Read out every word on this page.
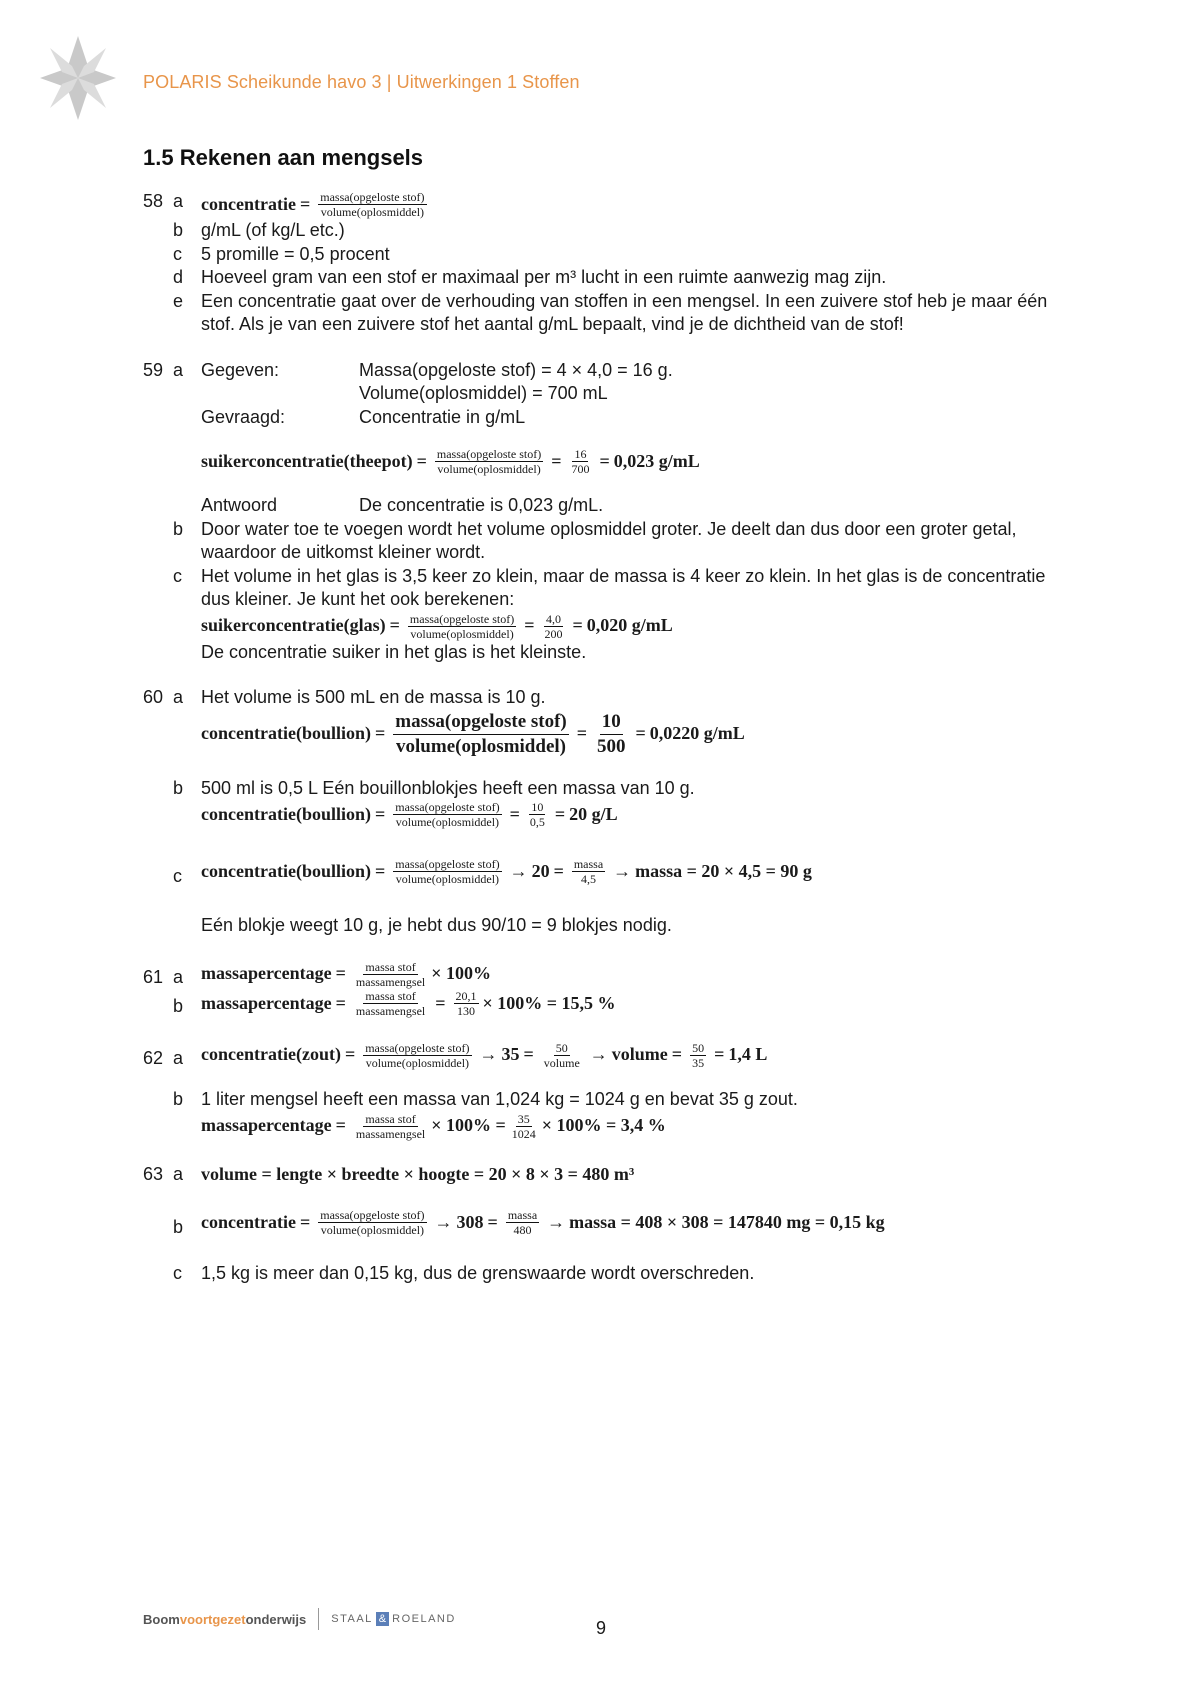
POLARIS Scheikunde havo 3 | Uitwerkingen 1 Stoffen
1.5 Rekenen aan mengsels
58 a concentratie = $\frac{\text{massa(opgeloste stof)}}{\text{volume(oplosmiddel)}}$
b g/mL (of kg/L etc.)
c	5 promille = 0,5 procent
d Hoeveel gram van een stof er maximaal per m³ lucht in een ruimte aanwezig mag zijn.
e Een concentratie gaat over de verhouding van stoffen in een mengsel. In een zuivere stof heb je maar één stof. Als je van een zuivere stof het aantal g/mL bepaalt, vind je de dichtheid van de stof!
59 a Gegeven:	Massa(opgeloste stof) = 4 × 4,0 = 16 g.
Volume(oplosmiddel) = 700 mL
Gevraagd:	Concentratie in g/mL
suikerconcentratie(theepot) = $\frac{\text{massa(opgeloste stof)}}{\text{volume(oplosmiddel)}} = \frac{16}{700} = 0,023$ g/mL
Antwoord	De concentratie is 0,023 g/mL.
b Door water toe te voegen wordt het volume oplosmiddel groter. Je deelt dan dus door een groter getal, waardoor de uitkomst kleiner wordt.
c	Het volume in het glas is 3,5 keer zo klein, maar de massa is 4 keer zo klein. In het glas is de concentratie dus kleiner. Je kunt het ook berekenen:

suikerconcentratie(glas) = $\frac{\text{massa(opgeloste stof)}}{\text{volume(oplosmiddel)}} = \frac{4,0}{200} = 0,020$ g/mL

De concentratie suiker in het glas is het kleinste.

60 a Het volume is 500 mL en de massa is 10 g.

concentratie(boullion) = $\frac{\text{massa(opgeloste stof)}}{\text{volume(oplosmiddel)}} = \frac{10}{500} = 0,0220$ g/mL
b 500 ml is 0,5 L Eén bouillonblokjes heeft een massa van 10 g.

concentratie(boullion) = $\frac{\text{massa(opgeloste stof)}}{\text{volume(oplosmiddel)}} = \frac{10}{0,5} = 20$ g/L
c	concentratie(boullion) = $\frac{\text{massa(opgeloste stof)}}{\text{volume(oplosmiddel)}} \to 20 = \frac{\text{massa}}{4,5}$ → massa = 20 × 4,5 = 90 g

Eén blokje weegt 10 g, je hebt dus 90/10 = 9 blokjes nodig.

61 a massapercentage = $\frac{\text{massa stof}}{\text{massamengsel}} \times 100\%$
b massapercentage = $\frac{\text{massa stof}}{\text{massamengsel}} = \frac{20,1}{130} \times 100\% = 15,5$ %
62 a concentratie(zout) = $\frac{\text{massa(opgeloste stof)}}{\text{volume(oplosmiddel)}} \to 35 = \frac{50}{\text{volume}}$ → volume = $\frac{50}{35} = 1,4$ L
b 1 liter mengsel heeft een massa van 1,024 kg = 1024 g en bevat 35 g zout.

massapercentage = $\frac{\text{massa stof}}{\text{massamengsel}} \times 100\% = \frac{35}{1024} \times 100\% = 3,4$ %
63 a volume = lengte × breedte × hoogte = 20 × 8 × 3 = 480 m³
b concentratie = $\frac{\text{massa(opgeloste stof)}}{\text{volume(oplosmiddel)}} \to 308 = \frac{\text{massa}}{480}$ → massa = 408 × 308 = 147840 mg = 0,15 kg
c	1,5 kg is meer dan 0,15 kg, dus de grenswaarde wordt overschreden.
Boom voortgezet onderwijs STAAL & ROELAND	9
